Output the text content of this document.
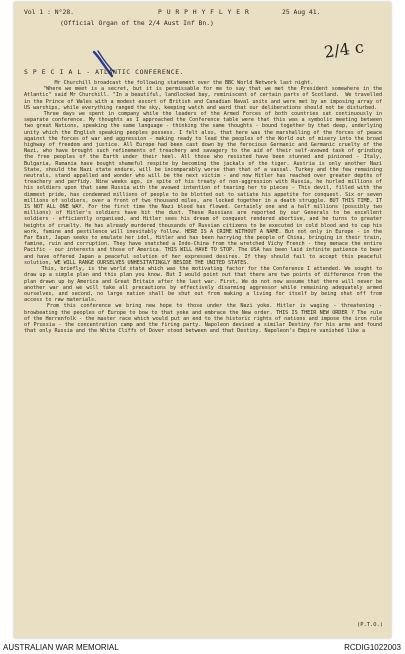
Vol 1 : N°28.	P U R P H Y F L Y E R	25 Aug 41.
(Official Organ of the 2/4 Aust Inf Bn.)
2/4 c
S P E C I A L - ATLANTIC CONFERENCE.
Mr Churchill broadcast the following statement over the BBC World Network last night.
"Where we meet is a secret, but it is permissable for me to say that we met the President somewhere in the Atlantic" said Mr Churchill. "In a beautiful, landlocked bay, reminiscent of certain parts of Scotland.  We travelled in the Prince of Wales with a modest escort of British and Canadian Naval units and were met by an imposing array of US warships, while everything ranged the sky, keeping watch and ward that our deliberations should not be disturbed.
Three days we spent in company while the leaders of the Armed Forces of both countries sat continuously in separate conference. My thoughts as I approached the Conference table were that this was a symbolic meeting between two great Nations, speaking the same language - thinking the same thoughts - bound together by that deep, underlying unity which the English speaking peoples possess. I felt also, that here was the marshalling of the forces of peace against the forces of war and aggression - making ready to lead the peoples of the World out of misery into the broad highway of freedom and justice. All Europe had been cast down by the ferocious Germanic and Germanic cruelty of the Nazi, who have brought such refinements of treachery and savagery to the aid of their self-avowed task of grinding the free peoples of the Earth under their heel. All those who resisted have been stunned and pinioned - Italy, Bulgaria, Rumania have bought shameful respite by becoming the jackals of the tiger. Austria is only another Nazi State, should the Nazi state endure, will be incomparably worse than that of a vassal. Turkey and the few remaining neutrals, stand appalled and wonder who will be the next victim - and now Hitler has reached over greater depths of treachery and perfidy. Nine weeks ago, in spite of his treaty of non-aggression with Russia, he hurled millions of his soldiers upon that same Russia with the avowed intention of tearing her to pieces - This devil, filled with the dimmest pride, has condemned millions of people to be blotted out to satiate his appetite for conquest. Six or seven millions of soldiers, over a front of two thousand miles, are locked together in a death struggle. BUT THIS TIME, IT IS NOT ALL ONE WAY. For the first time the Nazi blood has flowed. Certainly one and a half millions (possibly two millions) of Hitler's soldiers have bit the dust. These Russians are reported by our Generals to be excellent soldiers - efficiently organised, and Hitler sees his dream of conquest rendered abortive, and he turns to greater heights of cruelty. He has already murdered thousands of Russian citizens to be executed in cold blood and to cap his work, famine and pestilence will inevitably follow. HERE IS A CRIME WITHOUT A NAME. But not only in Europe - in the Far East, Japan seeks to emulate her idol, Hitler and has been harrying the people of China, bringing in their train, famine, ruin and corruption. They have snatched a Indo-China from the wretched Vichy French - they menace the entire Pacific - our interests and those of America. THIS WILL HAVE TO STOP. The USA has been laid infinite patience to bear and have offered Japan a peaceful solution of her expressed desires. If they should fail to accept this peaceful solution, WE WILL RANGE OURSELVES UNHESITATINGLY BESIDE THE UNITED STATES.
This, briefly, is the world state which was the motivating factor for the Conference I attended. We sought to draw up a simple plan and this plan you know. But I would point out that there are two points of difference from the plan drawn up by America and Great Britain after the last war. First, We do not now assume that there will never be another war and we will take all precautions by effectively disarming aggressor while remaining adequately armed ourselves, and second, no large nation shall be shut out from making a living for itself by being shut off from access to raw materials.
From this conference we bring new hope to those under the Nazi yoke. Hitler is waging - threatening - browbeating the peoples of Europe to bow to that yoke and embrace the New order. THIS IS THEIR NEW ORDER ? The rule of the Herrenfolk - the master race which would put an end to the historic rights of nations and impose the iron rule of Prussia - the concentration camp and the firing party. Napoleon devised a similar Destiny for his arms and found that only Russia and the White Cliffs of Dover stood between and that Destiny. Napoleon's Empire vanished like a
(P.T.O.)
AUSTRALIAN WAR MEMORIAL	RCDIG1022003
